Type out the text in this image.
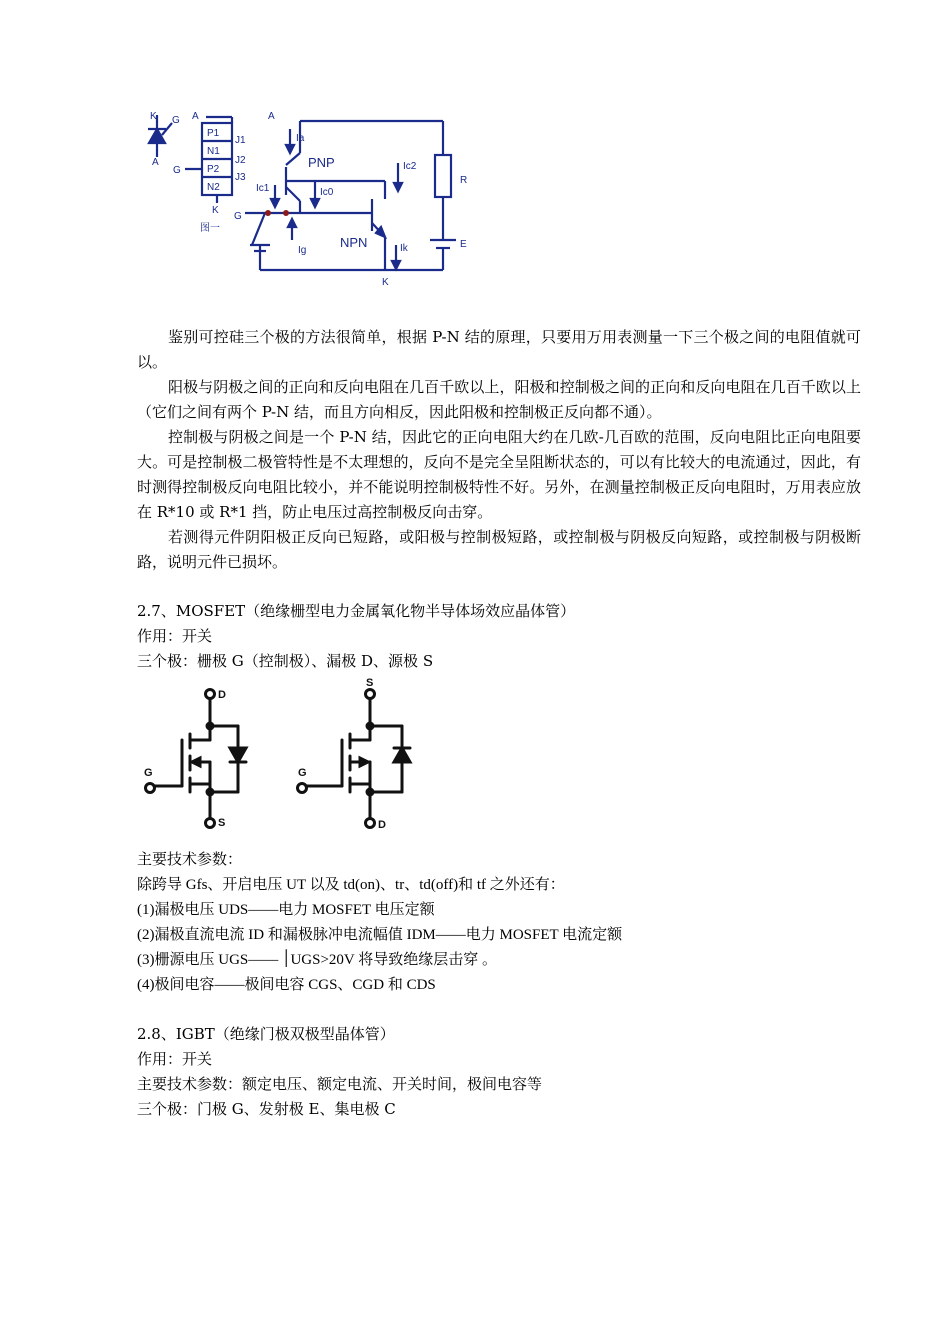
K
A
G A
P1
N1
P2
N2
G
K
J1
J2
J3
图一
A
Ia
PNP	Ic2
R
Ic1	Ic0
G
Ig
NPN	Ik	E
K

鉴别可控硅三个极的方法很简单，根据 P-N 结的原理，只要用万用表测量一下三个极之间的电阻值就可以。

阳极与阴极之间的正向和反向电阻在几百千欧以上，阳极和控制极之间的正向和反向电阻在几百千欧以上（它们之间有两个 P-N 结，而且方向相反，因此阳极和控制极正反向都不通）。

控制极与阴极之间是一个 P-N 结，因此它的正向电阻大约在几欧-几百欧的范围，反向电阻比正向电阻要大。可是控制极二极管特性是不太理想的，反向不是完全呈阻断状态的，可以有比较大的电流通过，因此，有时测得控制极反向电阻比较小，并不能说明控制极特性不好。另外，在测量控制极正反向电阻时，万用表应放在 R*10 或 R*1 挡，防止电压过高控制极反向击穿。

若测得元件阴阳极正反向已短路，或阳极与控制极短路，或控制极与阴极反向短路，或控制极与阴极断路，说明元件已损坏。

2.7、MOSFET（绝缘栅型电力金属氧化物半导体场效应晶体管）

作用：开关

三个极：栅极 G（控制极）、漏极 D、源极 S

D
G
S
S
G
D

主要技术参数：

除跨导 Gfs、开启电压 UT 以及 td(on)、tr、td(off)和 tf 之外还有：

(1)漏极电压 UDS——电力 MOSFET 电压定额

(2)漏极直流电流 ID 和漏极脉冲电流幅值 IDM——电力 MOSFET 电流定额

(3)栅源电压 UGS—— ׀UGS>20V 将导致绝缘层击穿 。

(4)极间电容——极间电容 CGS、CGD 和 CDS

2.8、IGBT（绝缘门极双极型晶体管）

作用：开关

主要技术参数：额定电压、额定电流、开关时间，极间电容等

三个极：门极 G、发射极 E、集电极 C
